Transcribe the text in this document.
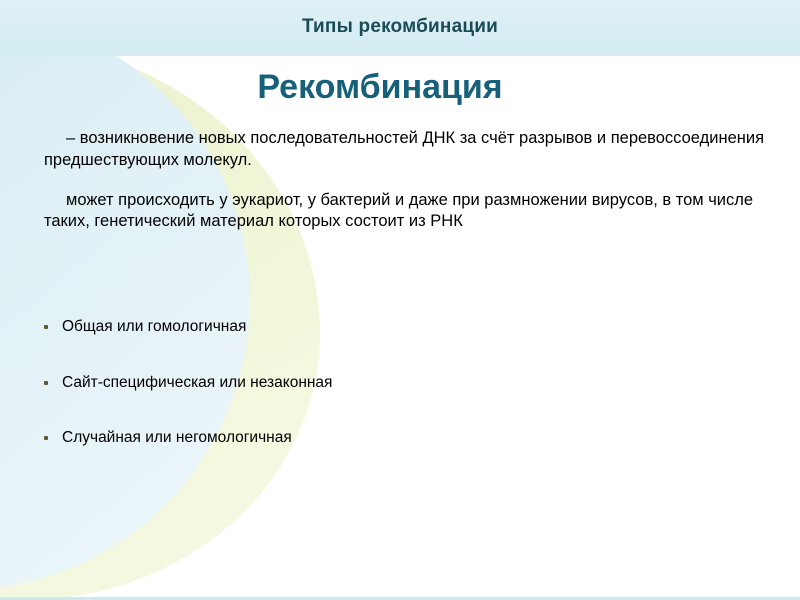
Типы рекомбинации
Рекомбинация

– возникновение новых последовательностей ДНК за счёт разрывов и перевоссоединения предшествующих молекул.

может происходить у эукариот, у бактерий и даже при размножении вирусов, в том числе таких, генетический материал которых состоит из РНК

Общая или гомологичная
Сайт-специфическая или незаконная
Случайная или негомологичная
